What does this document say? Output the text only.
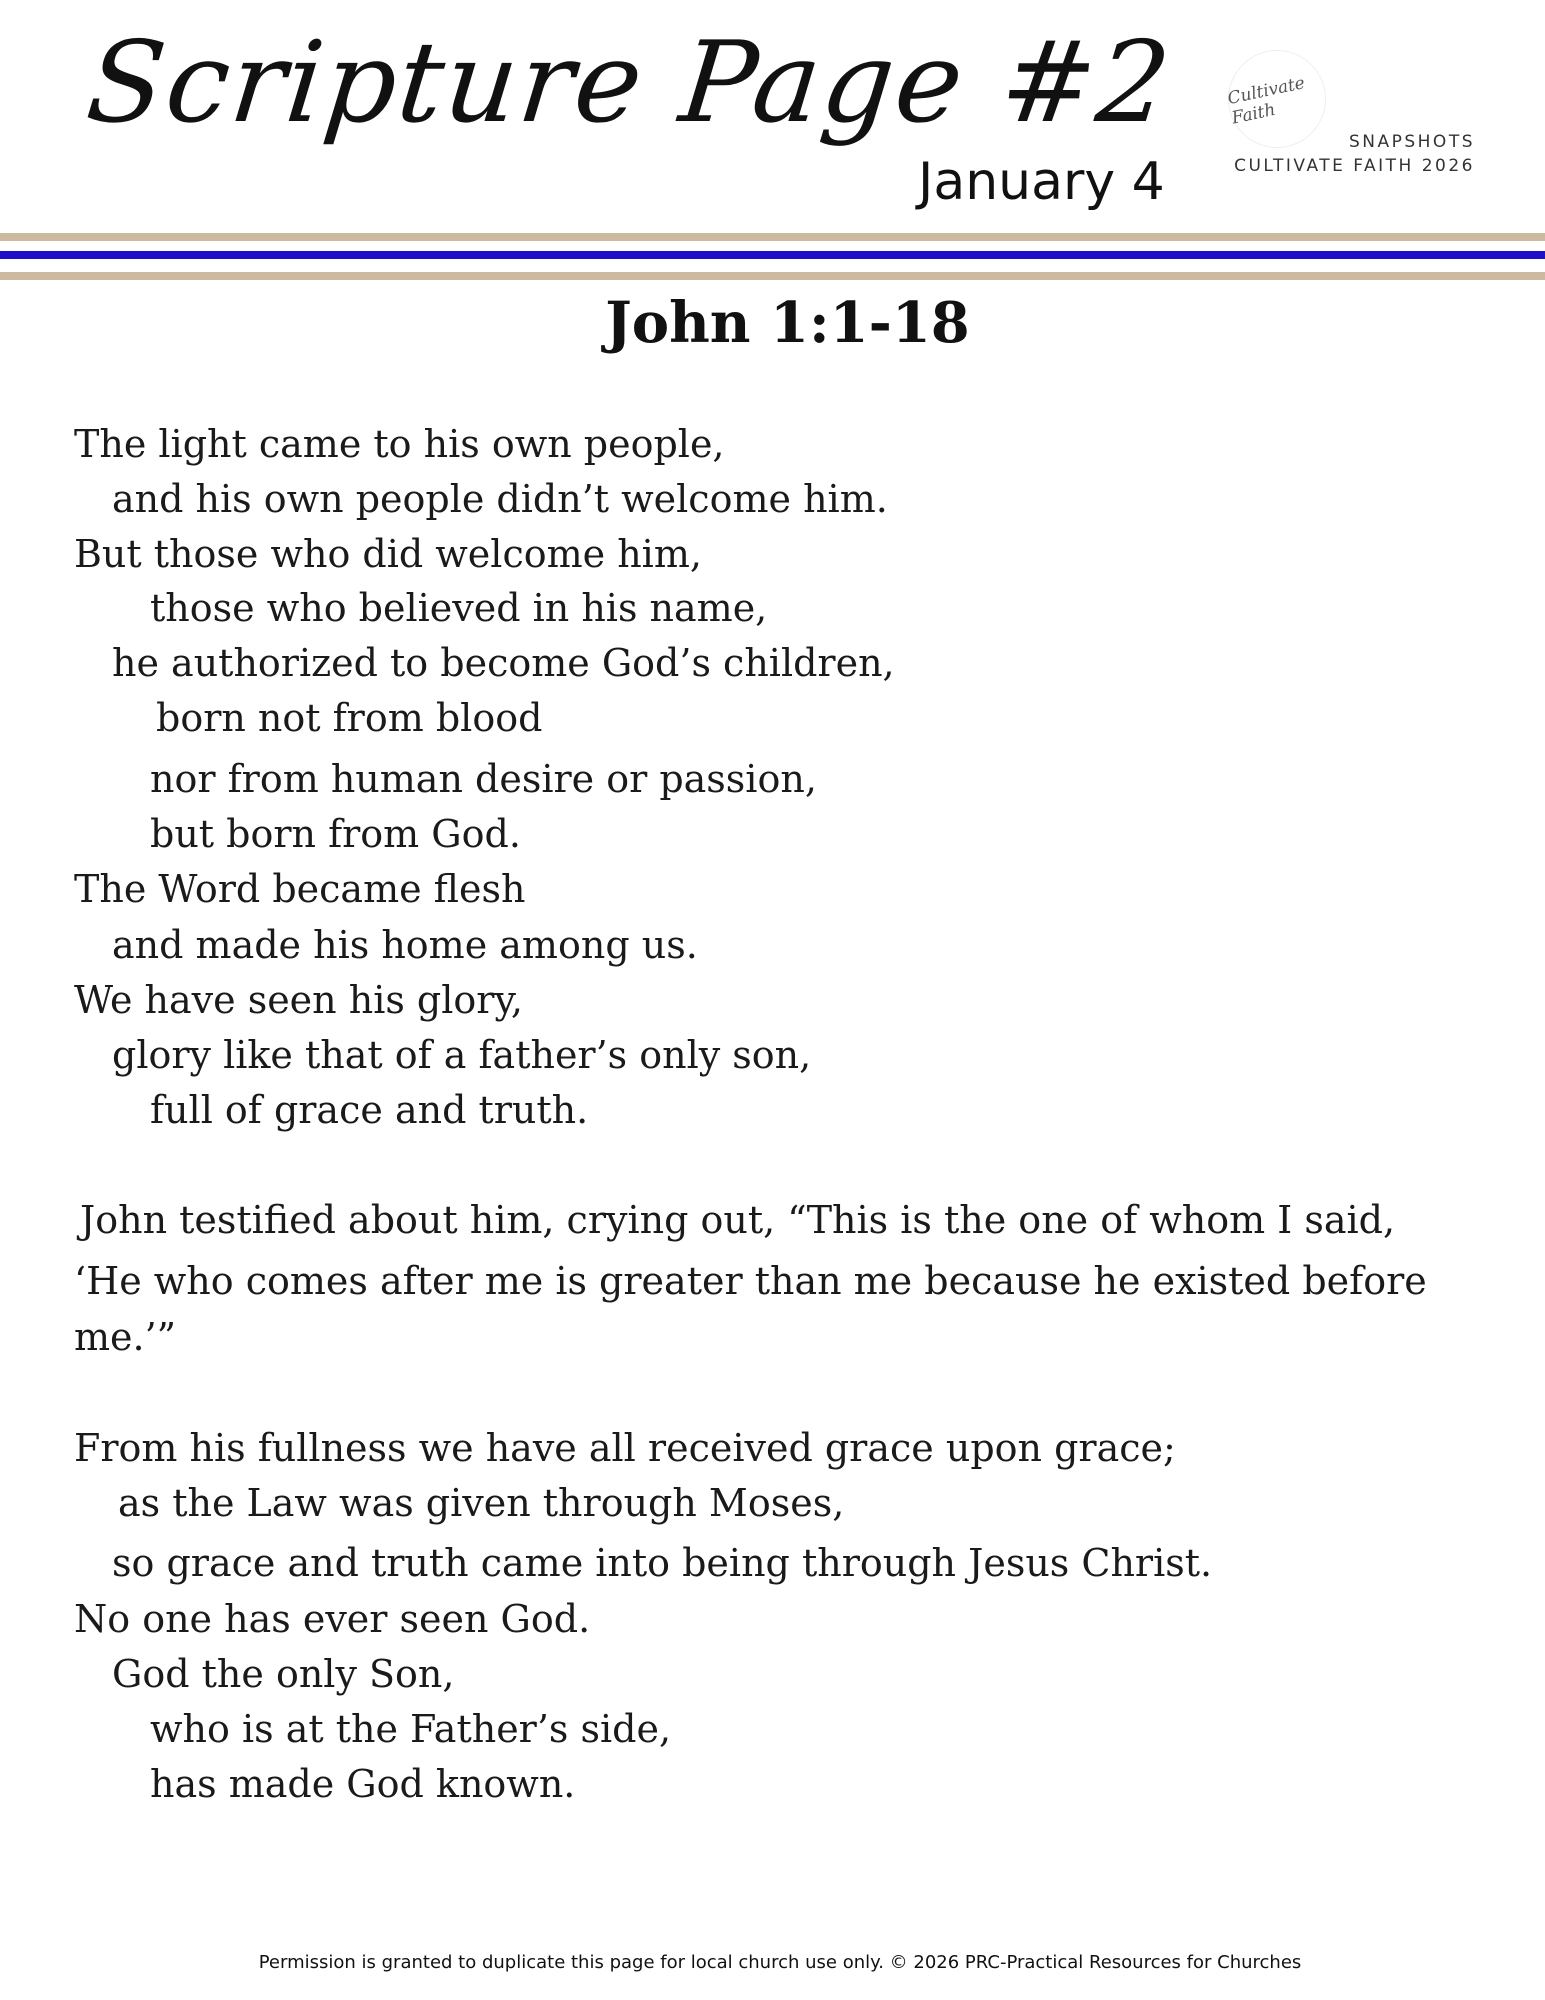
Scripture Page #2
January 4
Cultivate Faith
SNAPSHOTS
CULTIVATE FAITH 2026
John 1:1-18
The light came to his own people,
and his own people didn’t welcome him.
But those who did welcome him,
those who believed in his name,
he authorized to become God’s children,
born not from blood
nor from human desire or passion,
but born from God.
The Word became flesh
and made his home among us.
We have seen his glory,
glory like that of a father’s only son,
full of grace and truth.
John testified about him, crying out, “This is the one of whom I said,
‘He who comes after me is greater than me because he existed before
me.’”
From his fullness we have all received grace upon grace;
as the Law was given through Moses,
so grace and truth came into being through Jesus Christ.
No one has ever seen God.
God the only Son,
who is at the Father’s side,
has made God known.
Permission is granted to duplicate this page for local church use only. © 2026 PRC-Practical Resources for Churches
